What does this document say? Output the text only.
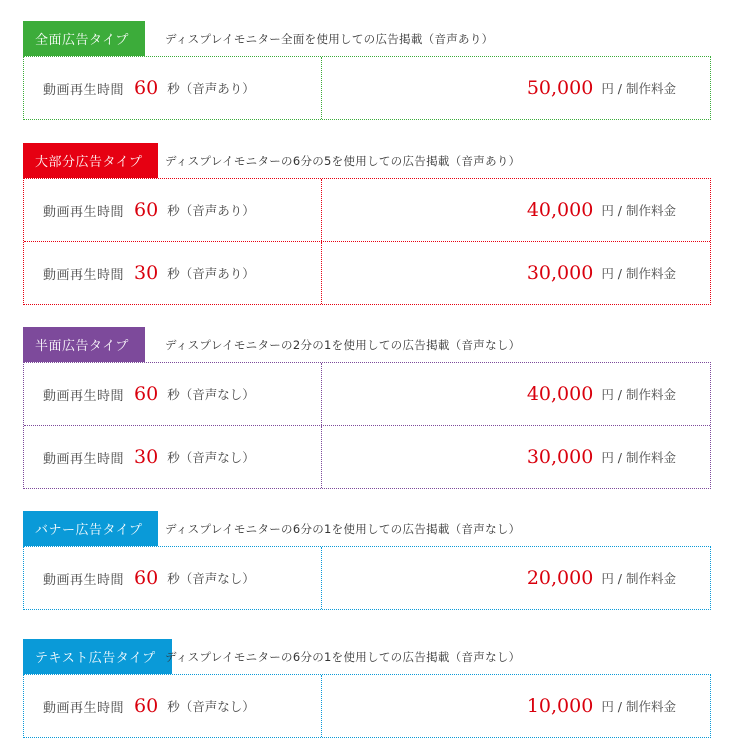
全面広告タイプ	ディスプレイモニター全面を使用しての広告掲載（音声あり）
動画再生時間 60 秒（音声あり）	50,000 円 / 制作料金
大部分広告タイプ	ディスプレイモニターの6分の5を使用しての広告掲載（音声あり）
動画再生時間 60 秒（音声あり）	40,000 円 / 制作料金
動画再生時間 30 秒（音声あり）	30,000 円 / 制作料金
半面広告タイプ	ディスプレイモニターの2分の1を使用しての広告掲載（音声なし）
動画再生時間 60 秒（音声なし）	40,000 円 / 制作料金
動画再生時間 30 秒（音声なし）	30,000 円 / 制作料金
バナー広告タイプ	ディスプレイモニターの6分の1を使用しての広告掲載（音声なし）
動画再生時間 60 秒（音声なし）	20,000 円 / 制作料金
テキスト広告タイプ ディスプレイモニターの6分の1を使用しての広告掲載（音声なし）
動画再生時間 60 秒（音声なし）	10,000 円 / 制作料金
